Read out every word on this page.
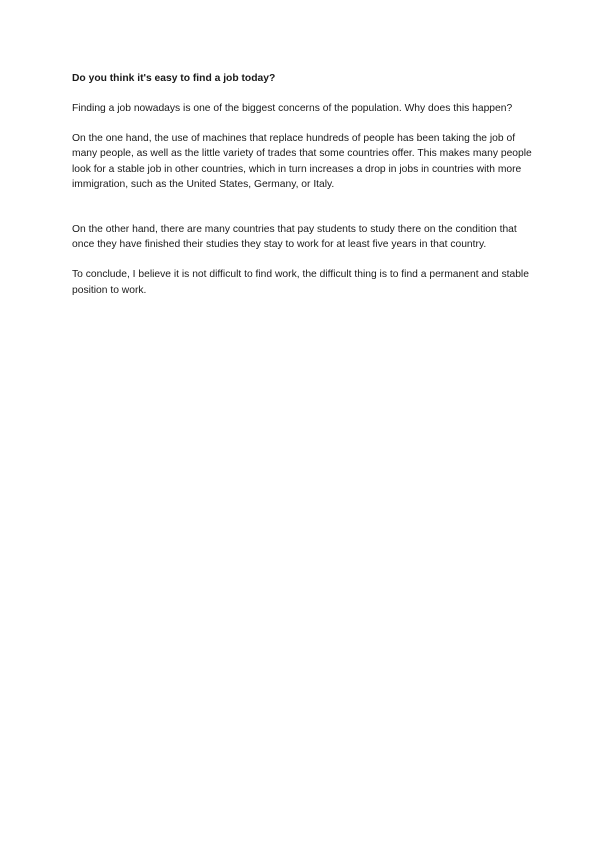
Do you think it's easy to find a job today?

Finding a job nowadays is one of the biggest concerns of the population. Why does this happen?

On the one hand, the use of machines that replace hundreds of people has been taking the job of many people, as well as the little variety of trades that some countries offer. This makes many people look for a stable job in other countries, which in turn increases a drop in jobs in countries with more immigration, such as the United States, Germany, or Italy.

On the other hand, there are many countries that pay students to study there on the condition that once they have finished their studies they stay to work for at least five years in that country.

To conclude, I believe it is not difficult to find work, the difficult thing is to find a permanent and stable position to work.
